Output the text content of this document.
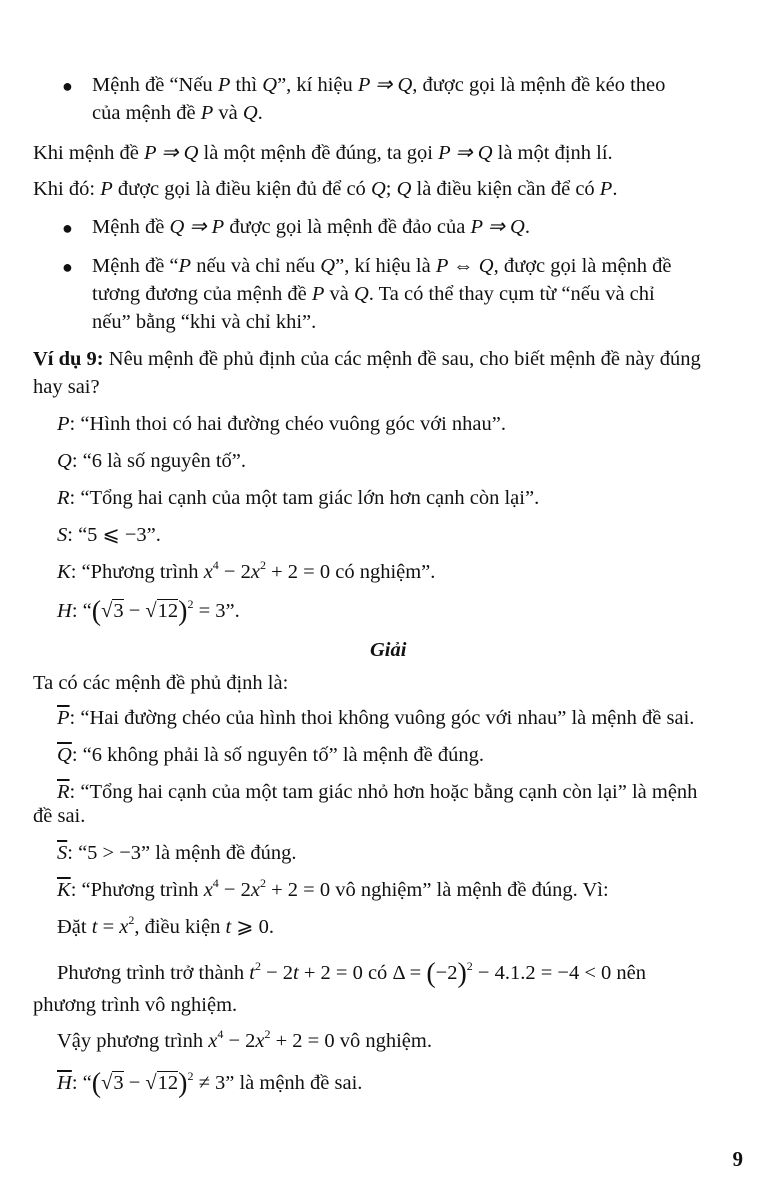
● Mệnh đề “Nếu P thì Q”, kí hiệu P ⇒ Q, được gọi là mệnh đề kéo theo
của mệnh đề P và Q.
Khi mệnh đề P ⇒ Q là một mệnh đề đúng, ta gọi P ⇒ Q là một định lí.
Khi đó: P được gọi là điều kiện đủ để có Q; Q là điều kiện cần để có P.
● Mệnh đề Q ⇒ P được gọi là mệnh đề đảo của P ⇒ Q.
● Mệnh đề “P nếu và chỉ nếu Q”, kí hiệu là P ⇔ Q, được gọi là mệnh đề
tương đương của mệnh đề P và Q. Ta có thể thay cụm từ “nếu và chỉ
nếu” bằng “khi và chỉ khi”.
Ví dụ 9: Nêu mệnh đề phủ định của các mệnh đề sau, cho biết mệnh đề này đúng
hay sai?
P: “Hình thoi có hai đường chéo vuông góc với nhau”.
Q: “6 là số nguyên tố”.
R: “Tổng hai cạnh của một tam giác lớn hơn cạnh còn lại”.
S: “5 ⩽ −3”.
K: “Phương trình $x^4 - 2x^2 + 2 = 0$ có nghiệm”.
H: “$(√3 - √12)^2 = 3$”.
Giải
Ta có các mệnh đề phủ định là:
$\overline{P}$: “Hai đường chéo của hình thoi không vuông góc với nhau” là mệnh đề sai.
$\overline{Q}$: “6 không phải là số nguyên tố” là mệnh đề đúng.
$\overline{R}$: “Tổng hai cạnh của một tam giác nhỏ hơn hoặc bằng cạnh còn lại” là mệnh
đề sai.
$\overline{S}$: “5 > −3” là mệnh đề đúng.
$\overline{K}$: “Phương trình $x^4 - 2x^2 + 2 = 0$ vô nghiệm” là mệnh đề đúng. Vì:
Đặt $t = x^2$, điều kiện t ⩾ 0.
Phương trình trở thành $t^2 - 2t + 2 = 0$ có $\Delta = (-2)^2 - 4.1.2 = -4 < 0$ nên
phương trình vô nghiệm.
Vậy phương trình $x^4 - 2x^2 + 2 = 0$ vô nghiệm.
$\overline{H}$: “$(√3 - √12)^2 \ne 3$” là mệnh đề sai.
9
